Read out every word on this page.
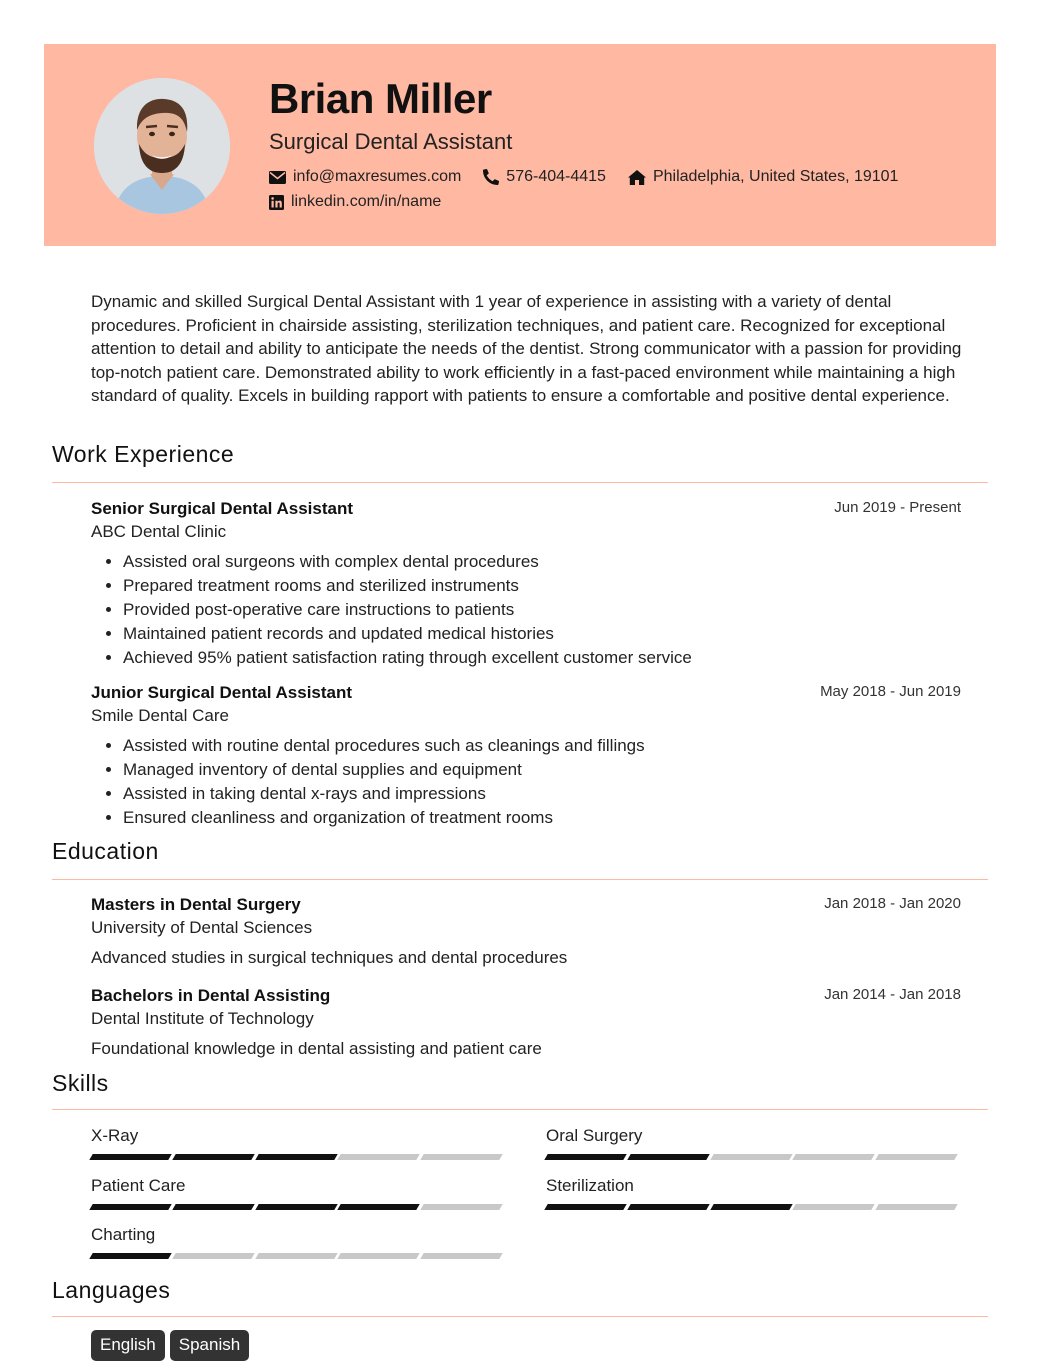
Brian Miller
Surgical Dental Assistant
info@maxresumes.com	576-404-4415	Philadelphia, United States, 19101
linkedin.com/in/name
Dynamic and skilled Surgical Dental Assistant with 1 year of experience in assisting with a variety of dental procedures. Proficient in chairside assisting, sterilization techniques, and patient care. Recognized for exceptional attention to detail and ability to anticipate the needs of the dentist. Strong communicator with a passion for providing top-notch patient care. Demonstrated ability to work efficiently in a fast-paced environment while maintaining a high standard of quality. Excels in building rapport with patients to ensure a comfortable and positive dental experience.
Work Experience
Senior Surgical Dental Assistant
ABC Dental Clinic
Jun 2019 - Present
• Assisted oral surgeons with complex dental procedures
• Prepared treatment rooms and sterilized instruments
• Provided post-operative care instructions to patients
• Maintained patient records and updated medical histories
• Achieved 95% patient satisfaction rating through excellent customer service
Junior Surgical Dental Assistant
Smile Dental Care
May 2018 - Jun 2019
• Assisted with routine dental procedures such as cleanings and fillings
• Managed inventory of dental supplies and equipment
• Assisted in taking dental x-rays and impressions
• Ensured cleanliness and organization of treatment rooms
Education
Masters in Dental Surgery
University of Dental Sciences
Jan 2018 - Jan 2020
Advanced studies in surgical techniques and dental procedures
Bachelors in Dental Assisting
Dental Institute of Technology
Jan 2014 - Jan 2018
Foundational knowledge in dental assisting and patient care
Skills
X-Ray	Oral Surgery
Patient Care	Sterilization
Charting
Languages
English	Spanish
